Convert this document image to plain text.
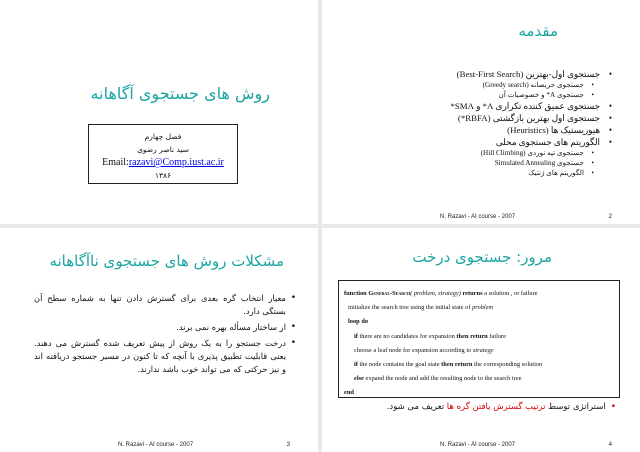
روش های جستجوی آگاهانه
فصل چهارم
سید ناصر رضوی
Email:razavi@Comp.iust.ac.ir
۱۳۸۶
مقدمه
•
جستجوی اول-بهترین (Best-First Search)
•
جستجوی حریصانه (Greedy search)
•
جستجوی A* و خصوصیات آن
•
جستجوی عمیق کننده تکراری A* و SMA*
•
جستجوی اول بهترین بازگشتی (RBFA*)
•
هیوریستیک ها (Heuristics)
•
الگوریتم های جستجوی محلی
•
جستجوی تپه نوردی (Hill Climbing)
•
جستجوی Simulated Annealing
•
الگوریتم های ژنتیک
N. Razavi - AI course - 2007	2
مشکلات روش های جستجوی ناآگاهانه
•
معیار انتخاب گره بعدی برای گسترش دادن تنها به شماره سطح آن بستگی دارد.
•
از ساختار مسأله بهره نمی برند.
•
درخت جستجو را به یک روش از پیش تعریف شده گسترش می دهند. یعنی قابلیت تطبیق پذیری با آنچه که تا کنون در مسیر جستجو دریافته اند و نیز حرکتی که می تواند خوب باشد ندارند.
N. Razavi - AI course - 2007	3
مرور: جستجوی درخت
function General-Search( problem, strategy) returns a solution , or failure
initialize the search tree using the initial state of problem
loop do
if there are no candidates for expansion then return failure
choose a leaf node for expansion according to strategy
if the node contains the goal state then return the corresponding solution
else expand the node and add the resulting node to the search tree
end
•استراتژی توسط ترتیب گسترش یافتن گره ها تعریف می شود.
N. Razavi - AI course - 2007	4
